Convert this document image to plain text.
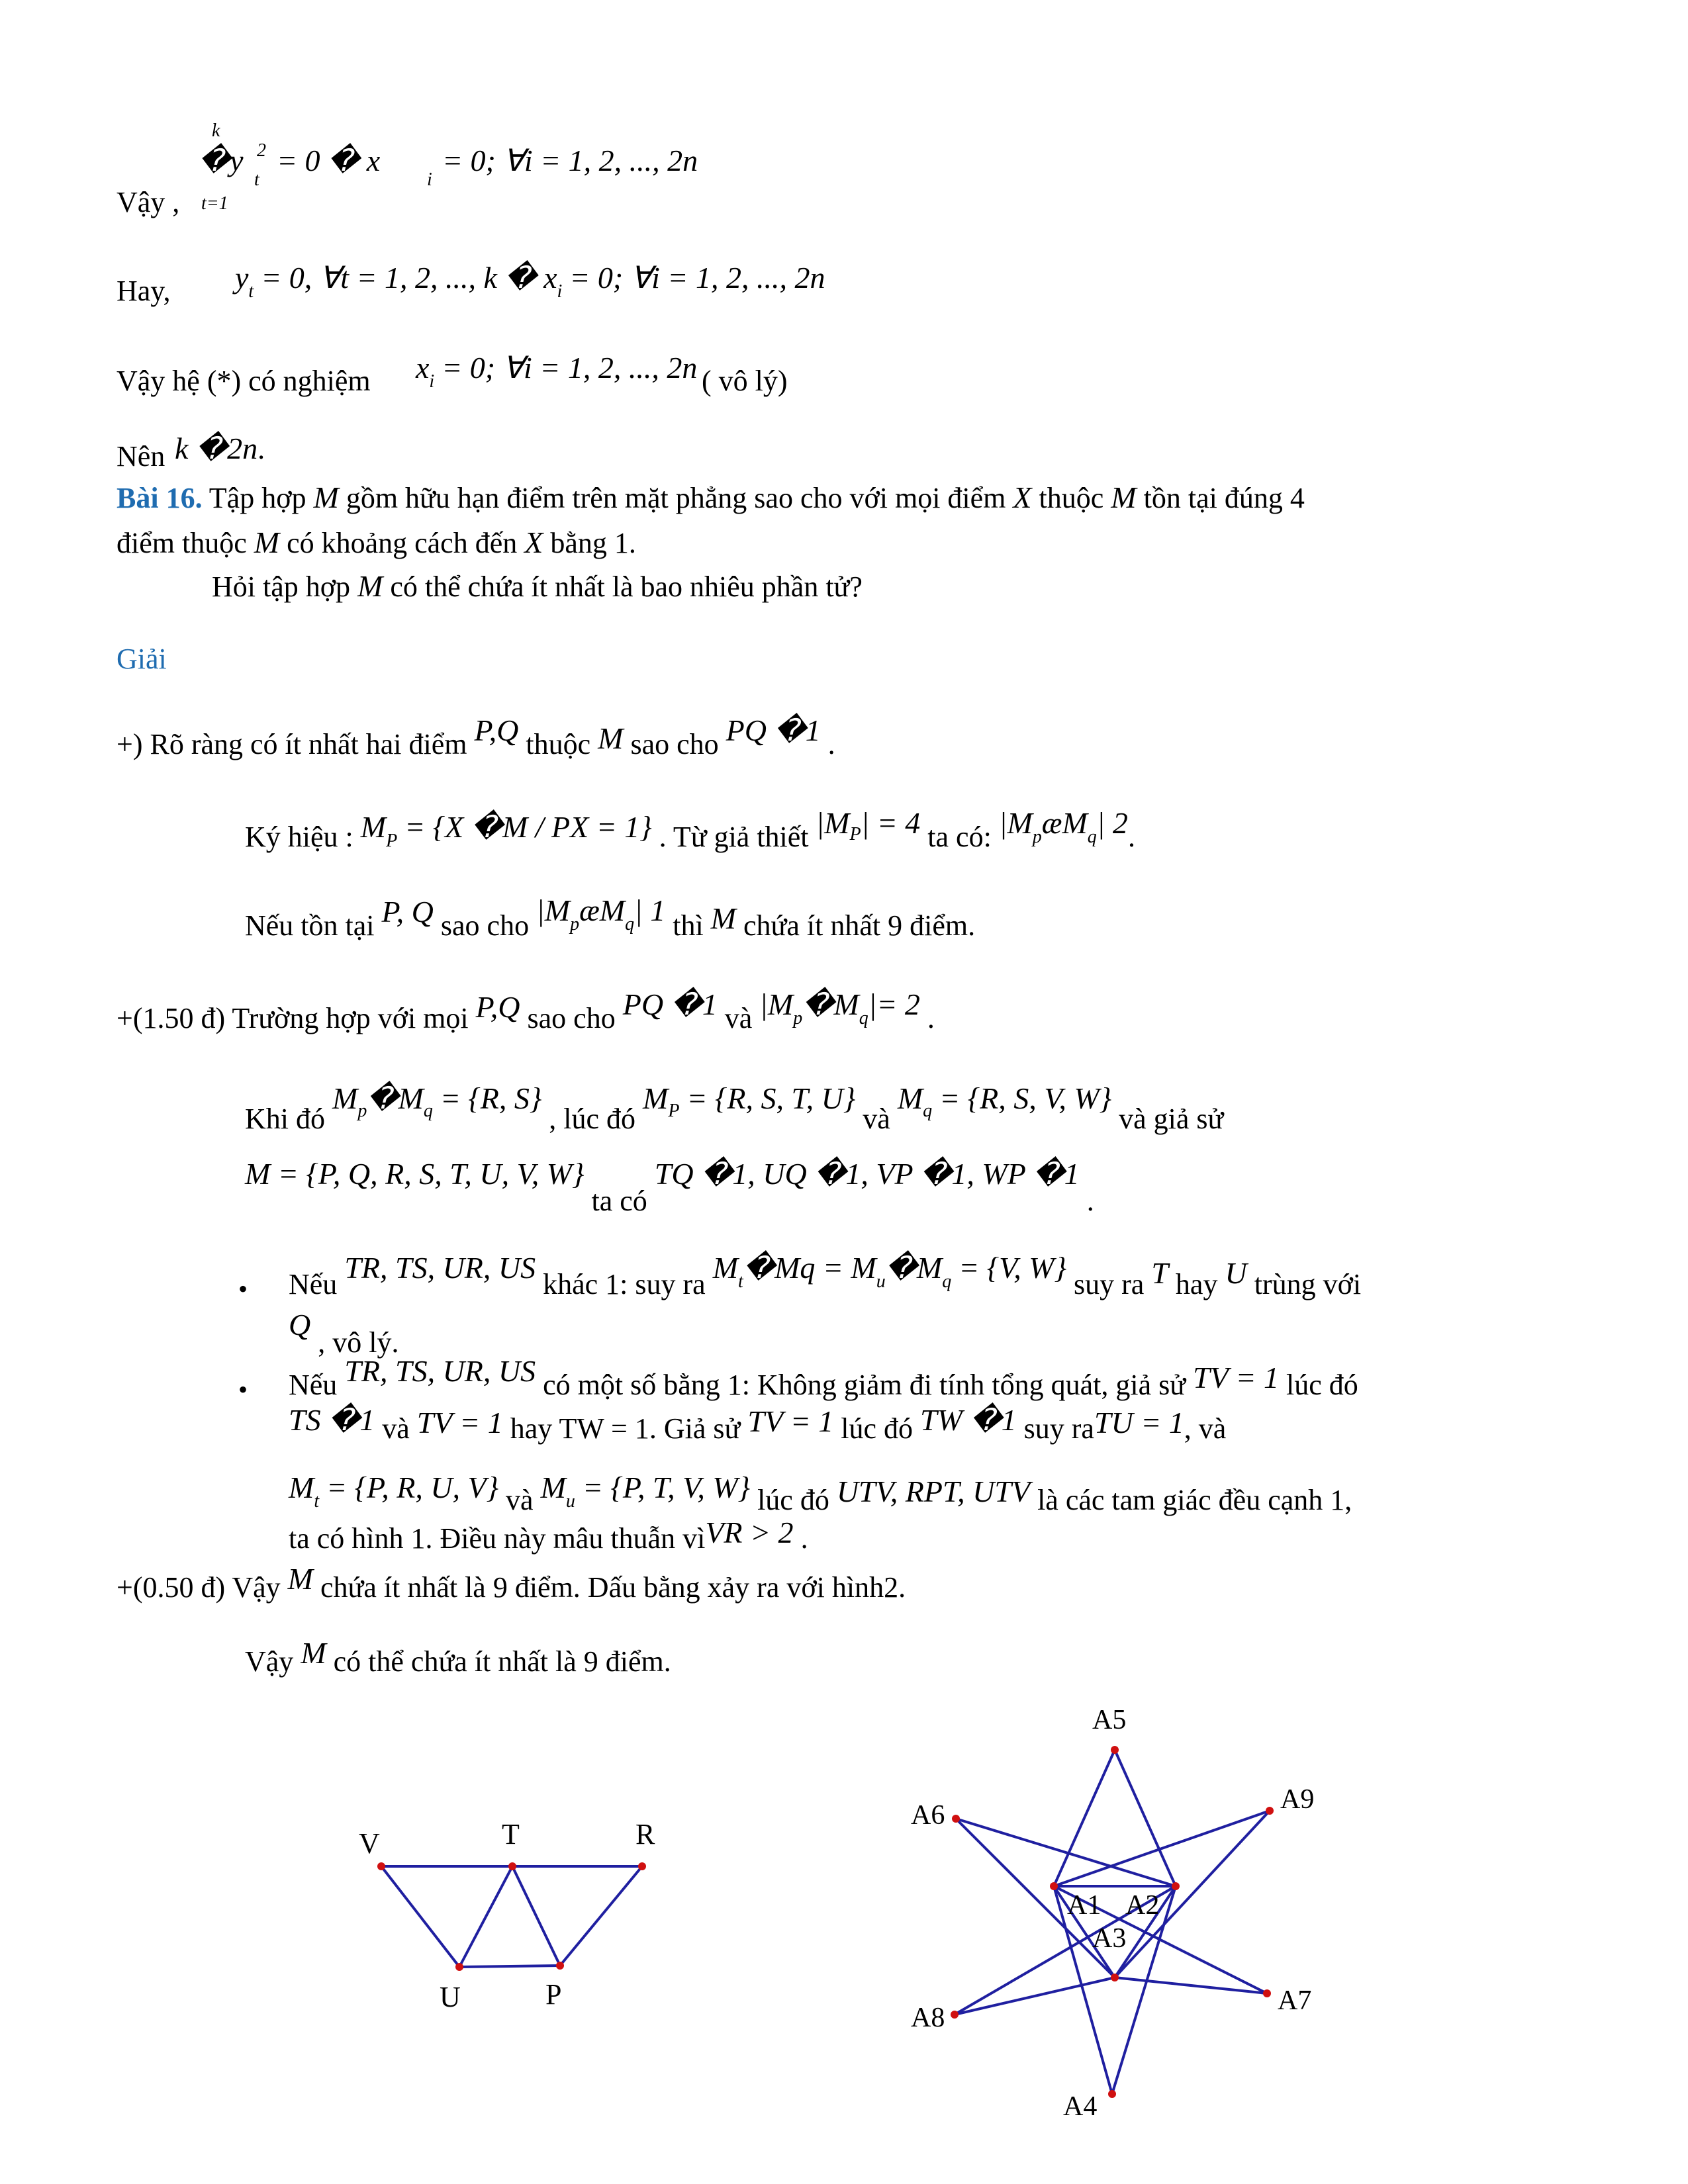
k
�y 2
t
= 0 � x
i
= 0; ∀i = 1, 2, ..., 2n
t=1
Vậy ,
Hay, $y_t = 0$, ∀t = 1, 2, ..., k � $x_i = 0$; ∀i = 1, 2, ..., 2n
Vậy hệ (*) có nghiệm $x_i = 0$; ∀i = 1, 2, ..., 2n ( vô lý)
Nên k �2n.
Bài 16. Tập hợp M gồm hữu hạn điểm trên mặt phẳng sao cho với mọi điểm X thuộc M tồn tại đúng 4
điểm thuộc M có khoảng cách đến X bằng 1.
Hỏi tập hợp M có thể chứa ít nhất là bao nhiêu phần tử?
Giải
+) Rõ ràng có ít nhất hai điểm P,Q thuộc M sao cho PQ �1 .
Ký hiệu : MP = {X �M / PX = 1} . Từ giả thiết $|M^P| = 4$ ta có: |MpæMq| 2.
Nếu tồn tại P, Q sao cho |MpæMq| 1 thì M chứa ít nhất 9 điểm.
+(1.50 đ) Trường hợp với mọi P,Q sao cho PQ �1 và |Mp�Mq|= 2 .
Khi đó $M^p�M^q = \{R$, S} , lúc đó $M^P = \{R$, S, T, U} và $M^q = \{R$, S, V, W} và giả sử
M = {P, Q, R, S, T, U, V, W} ta có TQ �1, UQ �1, VP �1, WP �1 .
• Nếu TR, TS, UR, US khác 1: suy ra $M^t�Mq$ = $M^u�M^q = \{V$, W} suy ra T hay U trùng với
Q , vô lý.
• Nếu TR, TS, UR, US có một số bằng 1: Không giảm đi tính tổng quát, giả sử TV = 1 lúc đó
TS �1 và TV = 1 hay TW = 1. Giả sử TV = 1 lúc đó TW �1 suy raTU = 1, và
Mt = {P, R, U, V} và Mu = {P, T, V, W} lúc đó UTV, RPT, UTV là các tam giác đều cạnh 1,
ta có hình 1. Điều này mâu thuẫn vìVR > 2 .
+(0.50 đ) Vậy M chứa ít nhất là 9 điểm. Dấu bằng xảy ra với hình2.
Vậy M có thể chứa ít nhất là 9 điểm.
V	T	R
U	P
A1 A2
A3
A4
A5
A6
A7
A8
A9
